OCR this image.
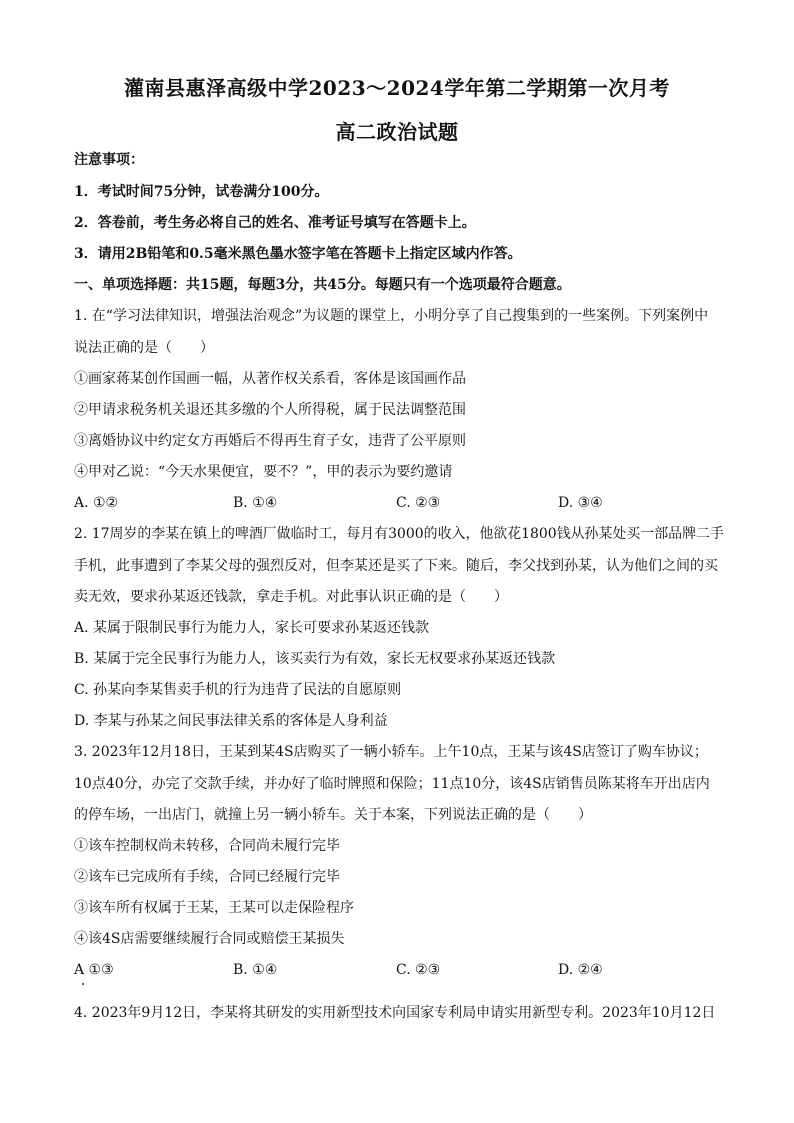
灌南县惠泽高级中学2023～2024学年第二学期第一次月考
高二政治试题
注意事项：
1．考试时间75分钟，试卷满分100分。
2．答卷前，考生务必将自己的姓名、准考证号填写在答题卡上。
3．请用2B铅笔和0.5毫米黑色墨水签字笔在答题卡上指定区域内作答。
一、单项选择题：共15题，每题3分，共45分。每题只有一个选项最符合题意。
1. 在“学习法律知识，增强法治观念”为议题的课堂上，小明分享了自己搜集到的一些案例。下列案例中
说法正确的是（　　）
①画家蒋某创作国画一幅，从著作权关系看，客体是该国画作品
②甲请求税务机关退还其多缴的个人所得税，属于民法调整范围
③离婚协议中约定女方再婚后不得再生育子女，违背了公平原则
④甲对乙说：“今天水果便宜，要不？”，甲的表示为要约邀请
A. ①②	B. ①④	C. ②③	D. ③④
2. 17周岁的李某在镇上的啤酒厂做临时工，每月有3000的收入，他欲花1800钱从孙某处买一部品牌二手
手机，此事遭到了李某父母的强烈反对，但李某还是买了下来。随后，李父找到孙某，认为他们之间的买
卖无效，要求孙某返还钱款，拿走手机。对此事认识正确的是（　　）
A. 某属于限制民事行为能力人，家长可要求孙某返还钱款
B. 某属于完全民事行为能力人，该买卖行为有效，家长无权要求孙某返还钱款
C. 孙某向李某售卖手机的行为违背了民法的自愿原则
D. 李某与孙某之间民事法律关系的客体是人身利益
3. 2023年12月18日，王某到某4S店购买了一辆小轿车。上午10点，王某与该4S店签订了购车协议；
10点40分，办完了交款手续，并办好了临时牌照和保险；11点10分，该4S店销售员陈某将车开出店内
的停车场，一出店门，就撞上另一辆小轿车。关于本案，下列说法正确的是（　　）
①该车控制权尚未转移，合同尚未履行完毕
②该车已完成所有手续，合同已经履行完毕
③该车所有权属于王某，王某可以走保险程序
④该4S店需要继续履行合同或赔偿王某损失
A ①③	B. ①④	C. ②③	D. ②④
4. 2023年9月12日，李某将其研发的实用新型技术向国家专利局申请实用新型专利。2023年10月12日
